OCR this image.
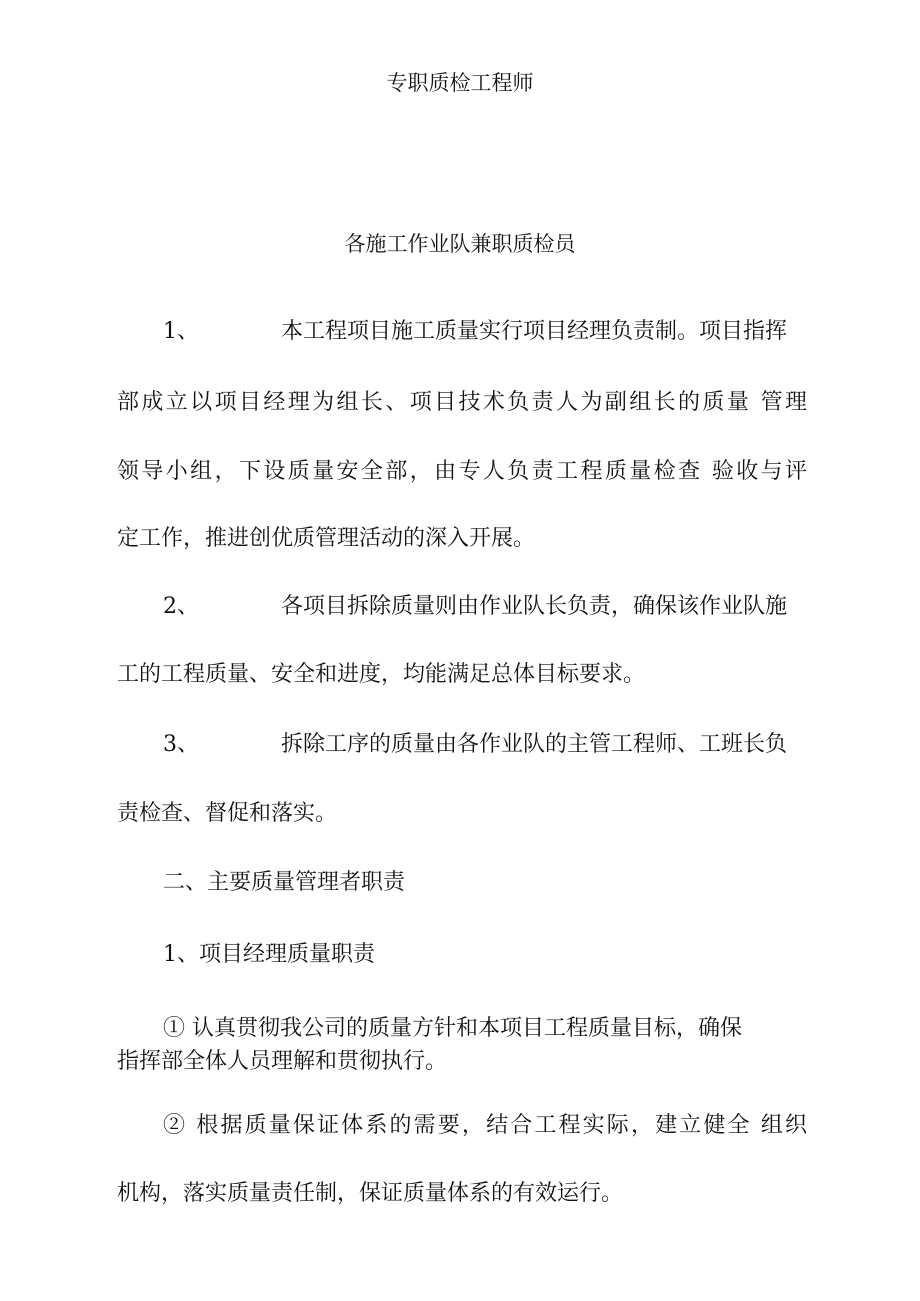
专职质检工程师
各施工作业队兼职质检员
1、	本工程项目施工质量实行项目经理负责制。项目指挥
部成立以项目经理为组长、项目技术负责人为副组长的质量 管理
领导小组，下设质量安全部，由专人负责工程质量检查 验收与评
定工作，推进创优质管理活动的深入开展。
2、	各项目拆除质量则由作业队长负责，确保该作业队施
工的工程质量、安全和进度，均能满足总体目标要求。
3、	拆除工序的质量由各作业队的主管工程师、工班长负
责检查、督促和落实。
二、主要质量管理者职责
1、项目经理质量职责
① 认真贯彻我公司的质量方针和本项目工程质量目标，确保
指挥部全体人员理解和贯彻执行。
② 根据质量保证体系的需要，结合工程实际，建立健全 组织
机构，落实质量责任制，保证质量体系的有效运行。
